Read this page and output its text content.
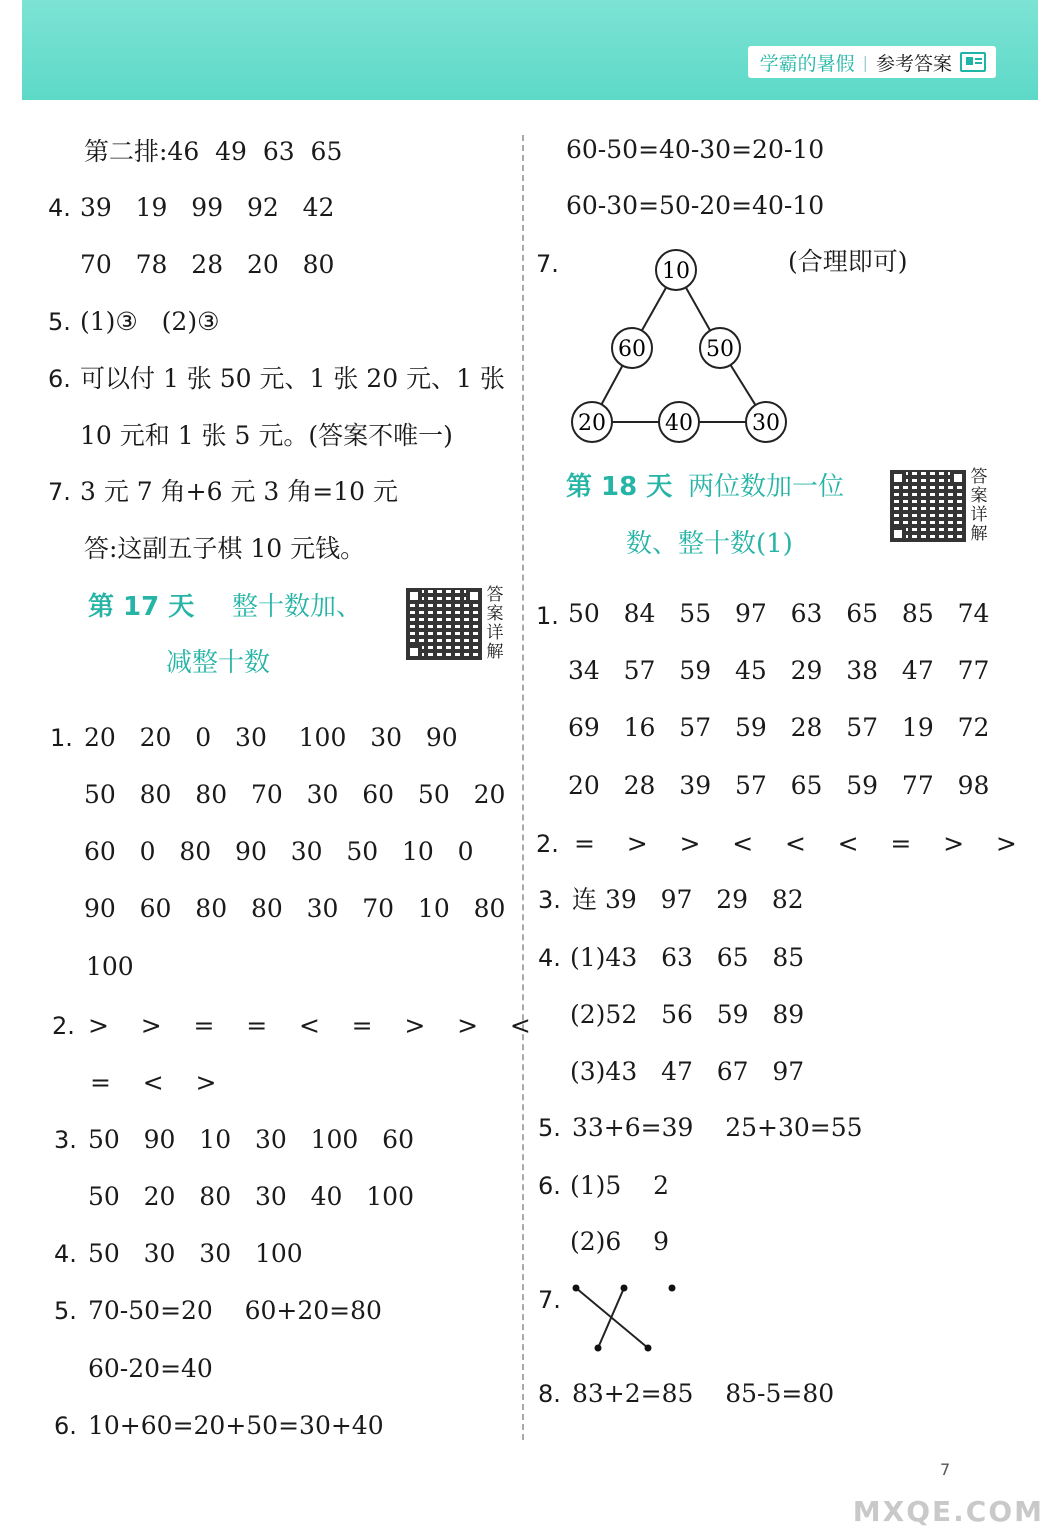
学霸的暑假 | 参考答案
第二排:46  49  63  65
4. 39   19   99   92   42
70   78   28   20   80
5. (1)③   (2)③
6. 可以付 1 张 50 元、1 张 20 元、1 张
10 元和 1 张 5 元。(答案不唯一)
7. 3 元 7 角+6 元 3 角=10 元
答:这副五子棋 10 元钱。
第 17 天 整十数加、
减整十数
答案详解
1. 20   20   0   30    100   30   90
50   80   80   70   30   60   50   20
60   0   80   90   30   50   10   0
90   60   80   80   30   70   10   80
100
2. >    >    =    =    <    =    >    >    <
=    <    >
3. 50   90   10   30   100   60
50   20   80   30   40   100
4. 50   30   30   100
5. 70-50=20    60+20=80
60-20=40
6. 10+60=20+50=30+40
60-50=40-30=20-10
60-30=50-20=40-10
7.	(合理即可)
10
60	50
20	40	30
第 18 天 两位数加一位
数、整十数(1)
答案详解
1. 50   84   55   97   63   65   85   74
34   57   59   45   29   38   47   77
69   16   57   59   28   57   19   72
20   28   39   57   65   59   77   98
2. =    >    >    <    <    <    =    >    >
3. 连 39   97   29   82
4. (1)43   63   65   85
(2)52   56   59   89
(3)43   47   67   97
5. 33+6=39    25+30=55
6. (1)5    2
(2)6    9
7.
8. 83+2=85    85-5=80
7
MXQE.COM
